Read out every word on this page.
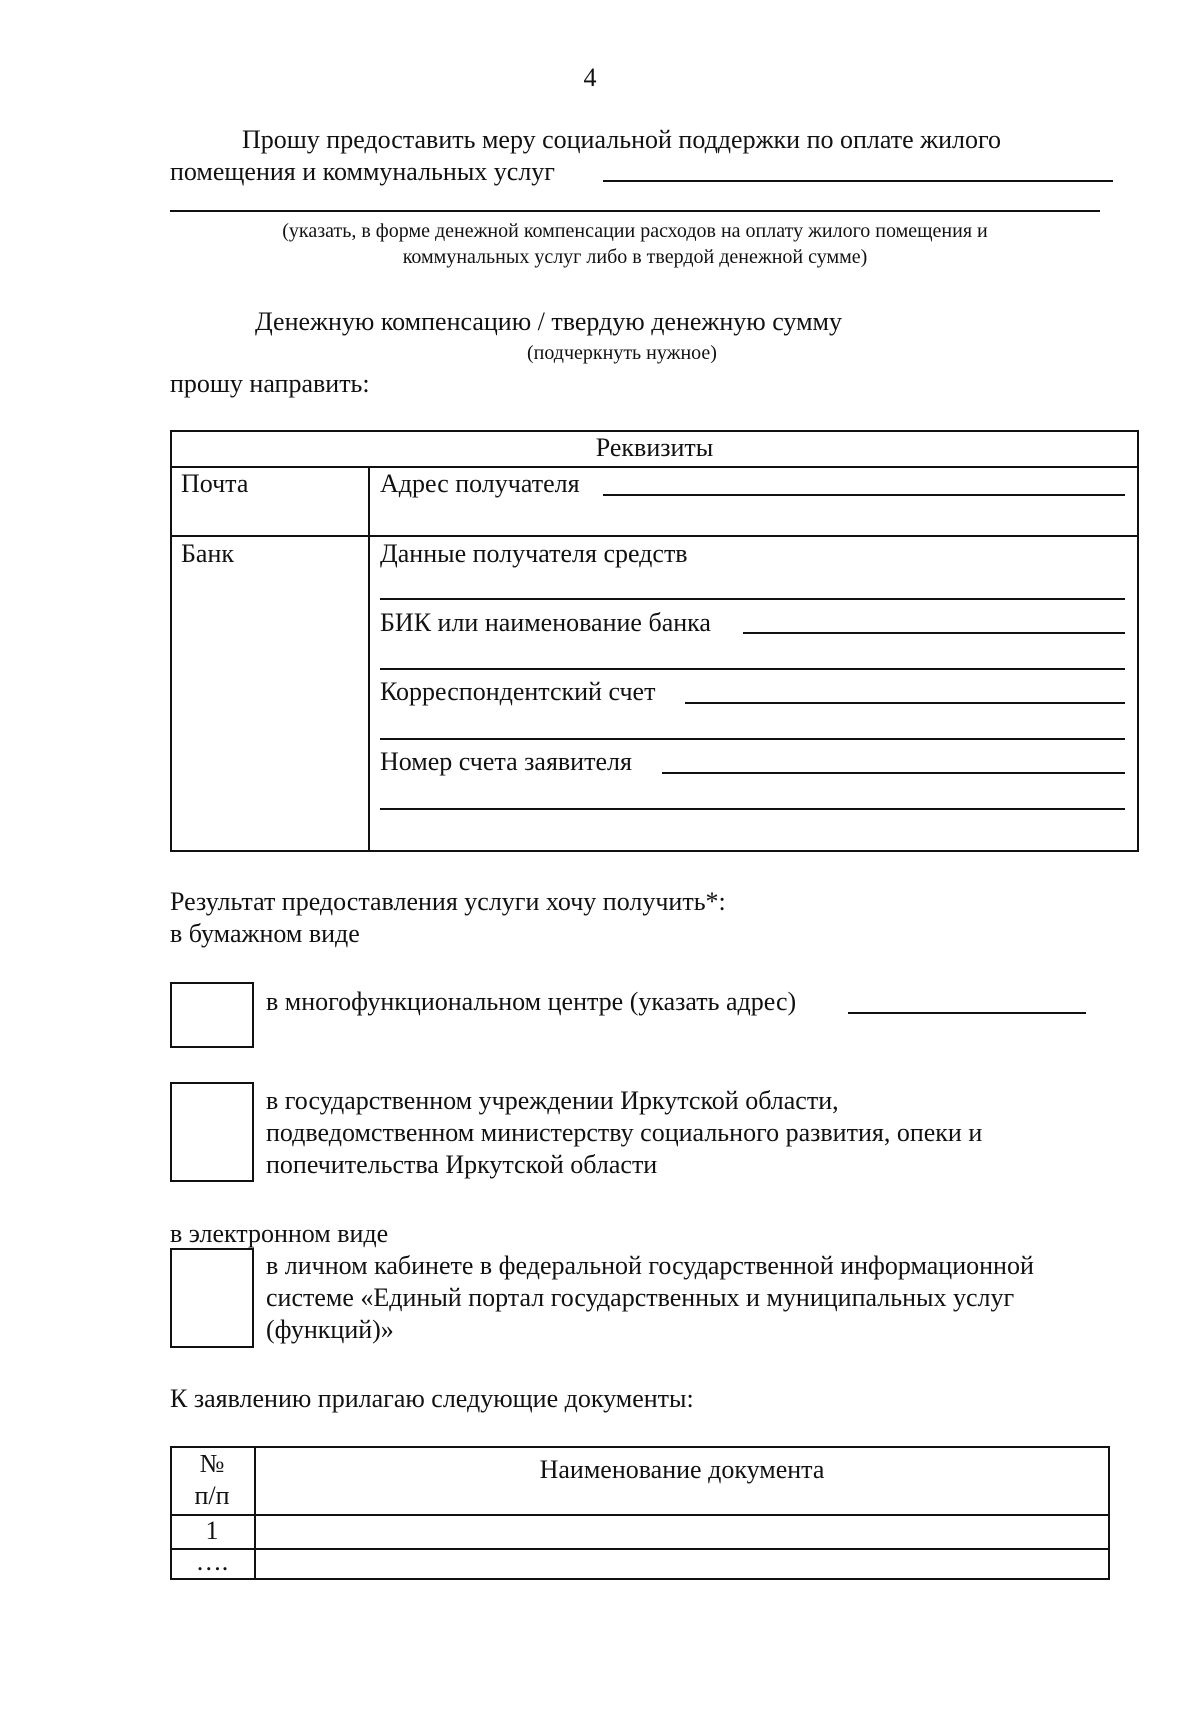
4
Прошу предоставить меру социальной поддержки по оплате жилого
помещения и коммунальных услуг
(указать, в форме денежной компенсации расходов на оплату жилого помещения и
коммунальных услуг либо в твердой денежной сумме)
Денежную компенсацию / твердую денежную сумму
(подчеркнуть нужное)
прошу направить:
Реквизиты
Почта	Адрес получателя
Банк	Данные получателя средств
БИК или наименование банка
Корреспондентский счет
Номер счета заявителя
Результат предоставления услуги хочу получить*:
в бумажном виде
в многофункциональном центре (указать адрес)
в государственном учреждении Иркутской области,
подведомственном министерству социального развития, опеки и
попечительства Иркутской области
в электронном виде
в личном кабинете в федеральной государственной информационной
системе «Единый портал государственных и муниципальных услуг
(функций)»
К заявлению прилагаю следующие документы:
№
п/п
Наименование документа
1
….
